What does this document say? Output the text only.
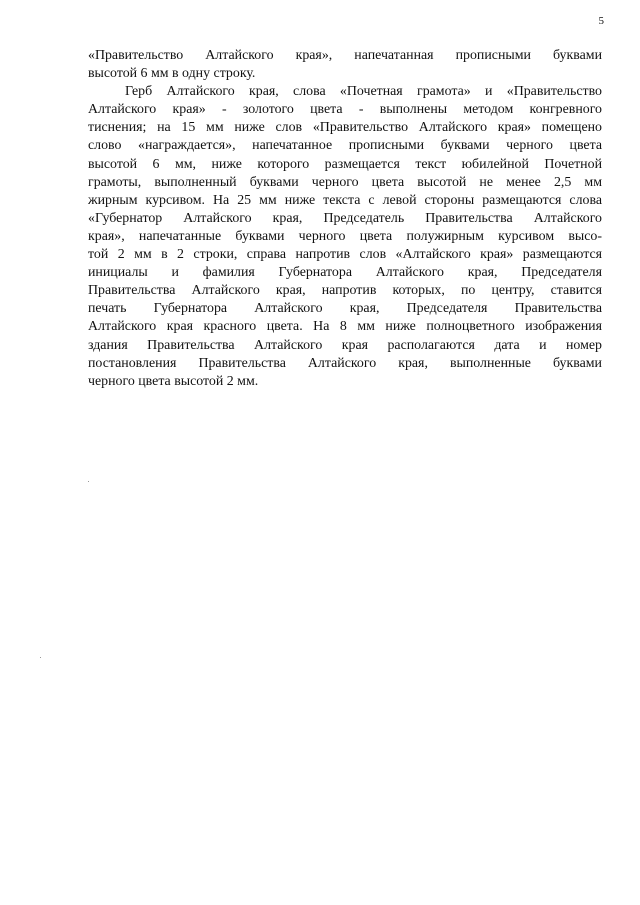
5
«Правительство Алтайского края», напечатанная прописными буквами
высотой 6 мм в одну строку.
Герб Алтайского края, слова «Почетная грамота» и «Правительство
Алтайского края» - золотого цвета - выполнены методом конгревного
тиснения; на 15 мм ниже слов «Правительство Алтайского края» помещено
слово «награждается», напечатанное прописными буквами черного цвета
высотой 6 мм, ниже которого размещается текст юбилейной Почетной
грамоты, выполненный буквами черного цвета высотой не менее 2,5 мм
жирным курсивом. На 25 мм ниже текста с левой стороны размещаются слова
«Губернатор Алтайского края, Председатель Правительства Алтайского
края», напечатанные буквами черного цвета полужирным курсивом высо-
той 2 мм в 2 строки, справа напротив слов «Алтайского края» размещаются
инициалы и фамилия Губернатора Алтайского края, Председателя
Правительства Алтайского края, напротив которых, по центру, ставится
печать Губернатора Алтайского края, Председателя Правительства
Алтайского края красного цвета. На 8 мм ниже полноцветного изображения
здания Правительства Алтайского края располагаются дата и номер
постановления Правительства Алтайского края, выполненные буквами
черного цвета высотой 2 мм.
